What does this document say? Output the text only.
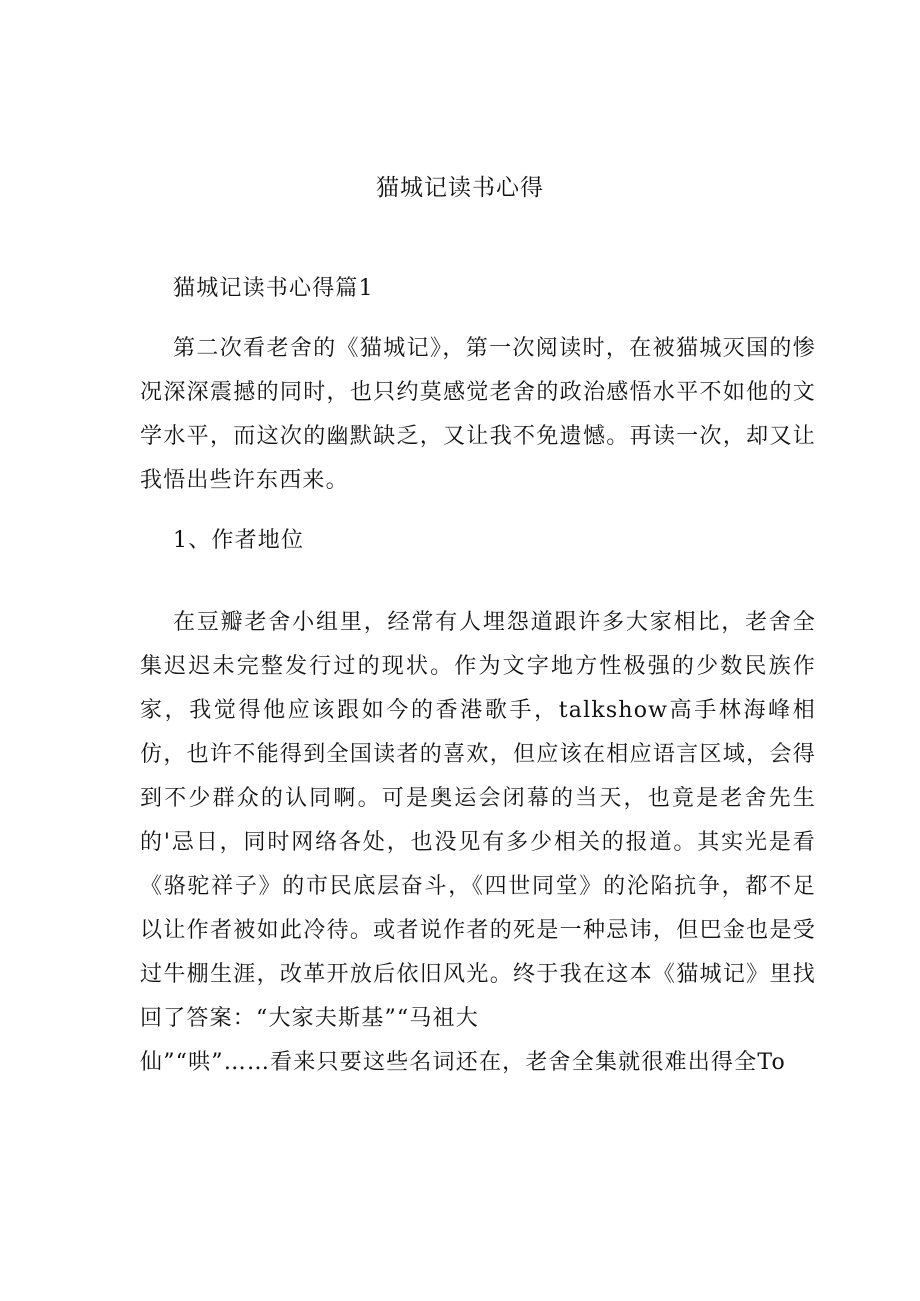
猫城记读书心得

猫城记读书心得篇1

第二次看老舍的《猫城记》，第一次阅读时，在被猫城灭国的惨况深深震撼的同时，也只约莫感觉老舍的政治感悟水平不如他的文学水平，而这次的幽默缺乏，又让我不免遗憾。再读一次，却又让我悟出些许东西来。

1、作者地位

在豆瓣老舍小组里，经常有人埋怨道跟许多大家相比，老舍全集迟迟未完整发行过的现状。作为文字地方性极强的少数民族作家，我觉得他应该跟如今的香港歌手，talkshow高手林海峰相仿，也许不能得到全国读者的喜欢，但应该在相应语言区域，会得到不少群众的认同啊。可是奥运会闭幕的当天，也竟是老舍先生的'忌日，同时网络各处，也没见有多少相关的报道。其实光是看《骆驼祥子》的市民底层奋斗，《四世同堂》的沦陷抗争，都不足以让作者被如此冷待。或者说作者的死是一种忌讳，但巴金也是受过牛棚生涯，改革开放后依旧风光。终于我在这本《猫城记》里找回了答案：“大家夫斯基”“马祖大

仙”“哄”……看来只要这些名词还在，老舍全集就很难出得全To
